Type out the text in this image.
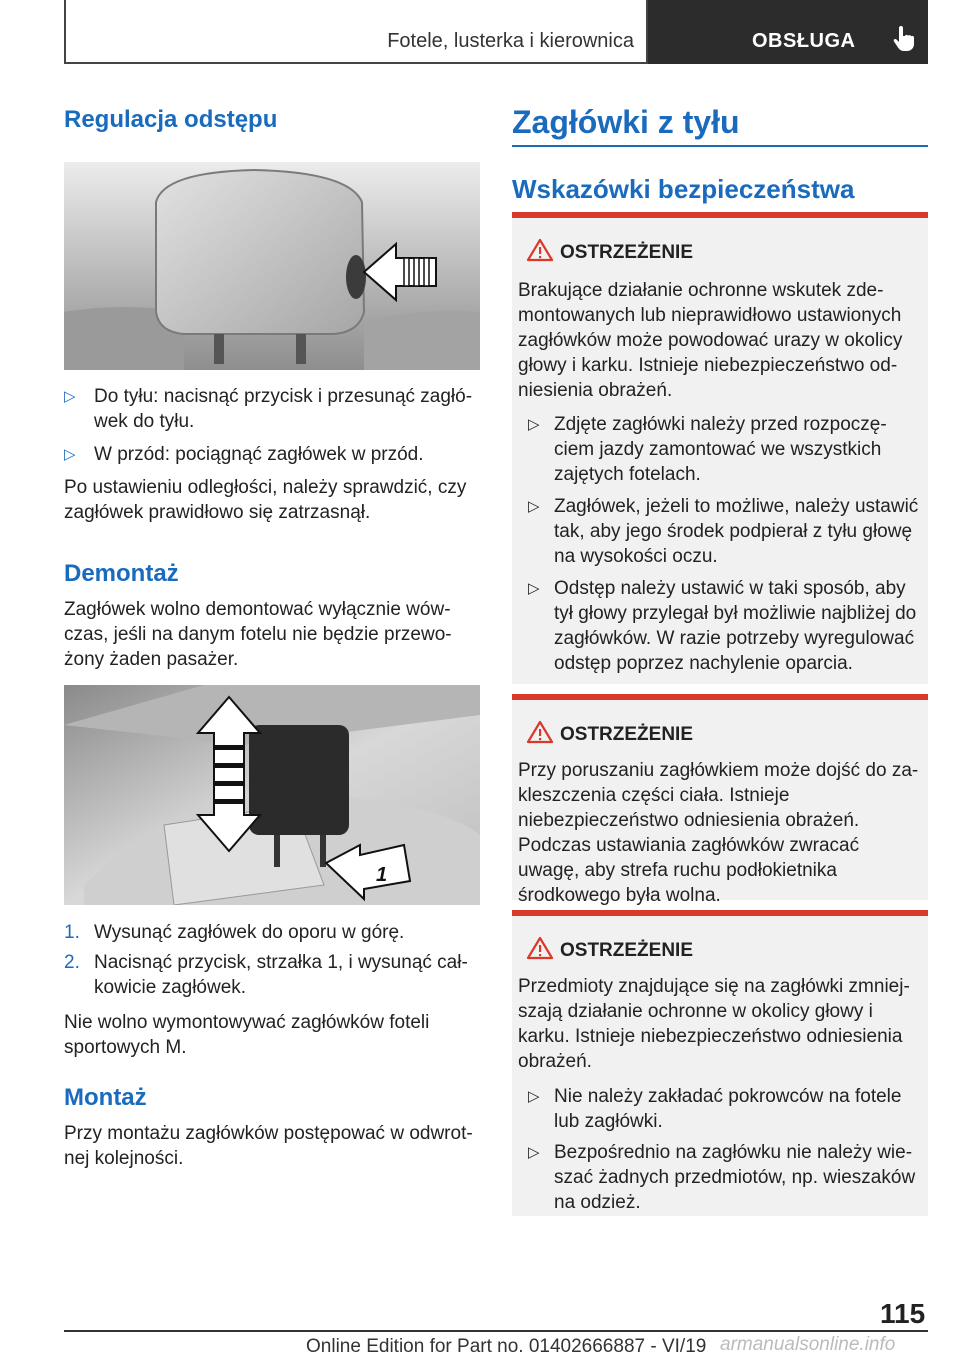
Fotele, lusterka i kierownica	OBSŁUGA
Regulacja odstępu
▷ Do tyłu: nacisnąć przycisk i przesunąć zagłówek do tyłu.
▷ W przód: pociągnąć zagłówek w przód.
Po ustawieniu odległości, należy sprawdzić, czy zagłówek prawidłowo się zatrzasnął.
Demontaż
Zagłówek wolno demontować wyłącznie wówczas, jeśli na danym fotelu nie będzie przewożony żaden pasażer.
1
1. Wysunąć zagłówek do oporu w górę.
2. Nacisnąć przycisk, strzałka 1, i wysunąć całkowicie zagłówek.
Nie wolno wymontowywać zagłówków foteli sportowych M.
Montaż
Przy montażu zagłówków postępować w odwrotnej kolejności.
Zagłówki z tyłu
Wskazówki bezpieczeństwa
OSTRZEŻENIE
Brakujące działanie ochronne wskutek zdemontowanych lub nieprawidłowo ustawionych zagłówków może powodować urazy w okolicy głowy i karku. Istnieje niebezpieczeństwo odniesienia obrażeń.
▷ Zdjęte zagłówki należy przed rozpoczęciem jazdy zamontować we wszystkich zajętych fotelach.
▷ Zagłówek, jeżeli to możliwe, należy ustawić tak, aby jego środek podpierał z tyłu głowę na wysokości oczu.
▷ Odstęp należy ustawić w taki sposób, aby tył głowy przylegał był możliwie najbliżej do zagłówków. W razie potrzeby wyregulować odstęp poprzez nachylenie oparcia.
OSTRZEŻENIE
Przy poruszaniu zagłówkiem może dojść do zakleszczenia części ciała. Istnieje niebezpieczeństwo odniesienia obrażeń. Podczas ustawiania zagłówków zwracać uwagę, aby strefa ruchu podłokietnika środkowego była wolna.
OSTRZEŻENIE
Przedmioty znajdujące się na zagłówki zmniejszają działanie ochronne w okolicy głowy i karku. Istnieje niebezpieczeństwo odniesienia obrażeń.
▷ Nie należy zakładać pokrowców na fotele lub zagłówki.
▷ Bezpośrednio na zagłówku nie należy wieszać żadnych przedmiotów, np. wieszaków na odzież.
115
Online Edition for Part no. 01402666887 - VI/19 armanualsonline.info
